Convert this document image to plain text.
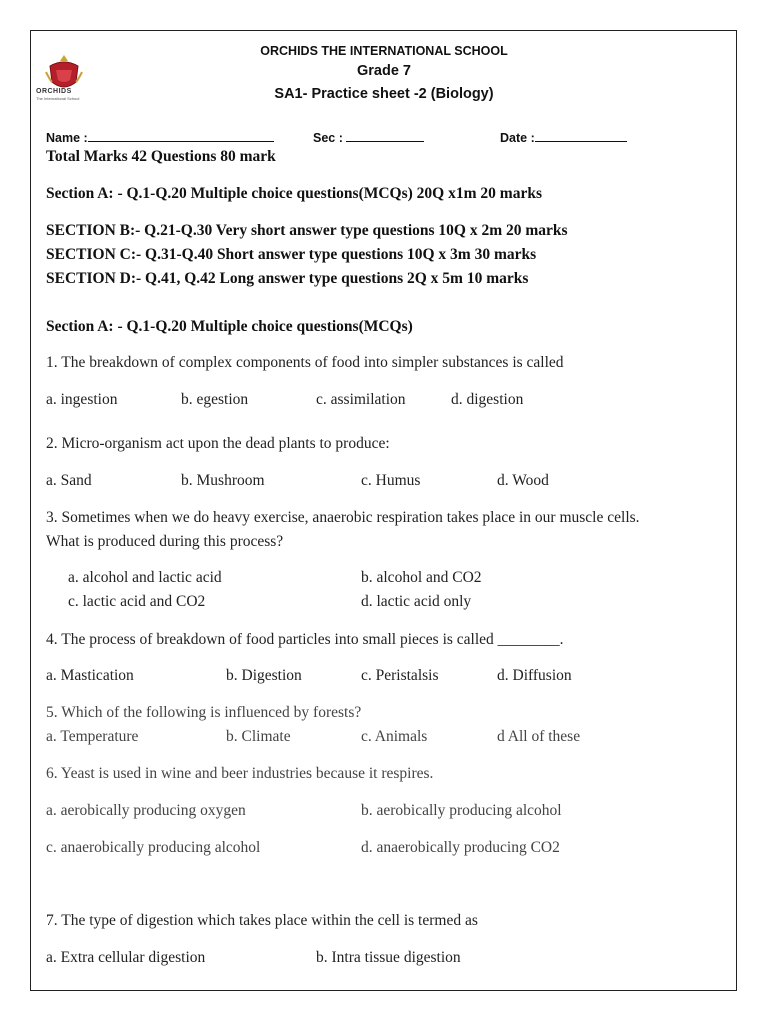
ORCHIDS
The International School
ORCHIDS THE INTERNATIONAL SCHOOL
Grade 7
SA1- Practice sheet -2 (Biology)
Name :	Sec :	Date :
Total Marks 42 Questions 80 mark
Section A: - Q.1-Q.20 Multiple choice questions(MCQs) 20Q x1m 20 marks
SECTION B:- Q.21-Q.30 Very short answer type questions 10Q x 2m 20 marks
SECTION C:- Q.31-Q.40 Short answer type questions 10Q x 3m 30 marks
SECTION D:- Q.41, Q.42 Long answer type questions 2Q x 5m 10 marks
Section A: - Q.1-Q.20 Multiple choice questions(MCQs)
1. The breakdown of complex components of food into simpler substances is called
a. ingestion	b. egestion	c. assimilation	d. digestion
2. Micro-organism act upon the dead plants to produce:
a. Sand	b. Mushroom	c. Humus	d. Wood
3. Sometimes when we do heavy exercise, anaerobic respiration takes place in our muscle cells.
What is produced during this process?
a. alcohol and lactic acid	b. alcohol and CO2
c. lactic acid and CO2	d. lactic acid only
4. The process of breakdown of food particles into small pieces is called ________.
a. Mastication	b. Digestion	c. Peristalsis	d. Diffusion
5. Which of the following is influenced by forests?
a. Temperature	b. Climate	c. Animals	d All of these
6. Yeast is used in wine and beer industries because it respires.
a. aerobically producing oxygen	b. aerobically producing alcohol
c. anaerobically producing alcohol	d. anaerobically producing CO2
7. The type of digestion which takes place within the cell is termed as
a. Extra cellular digestion	b. Intra tissue digestion
